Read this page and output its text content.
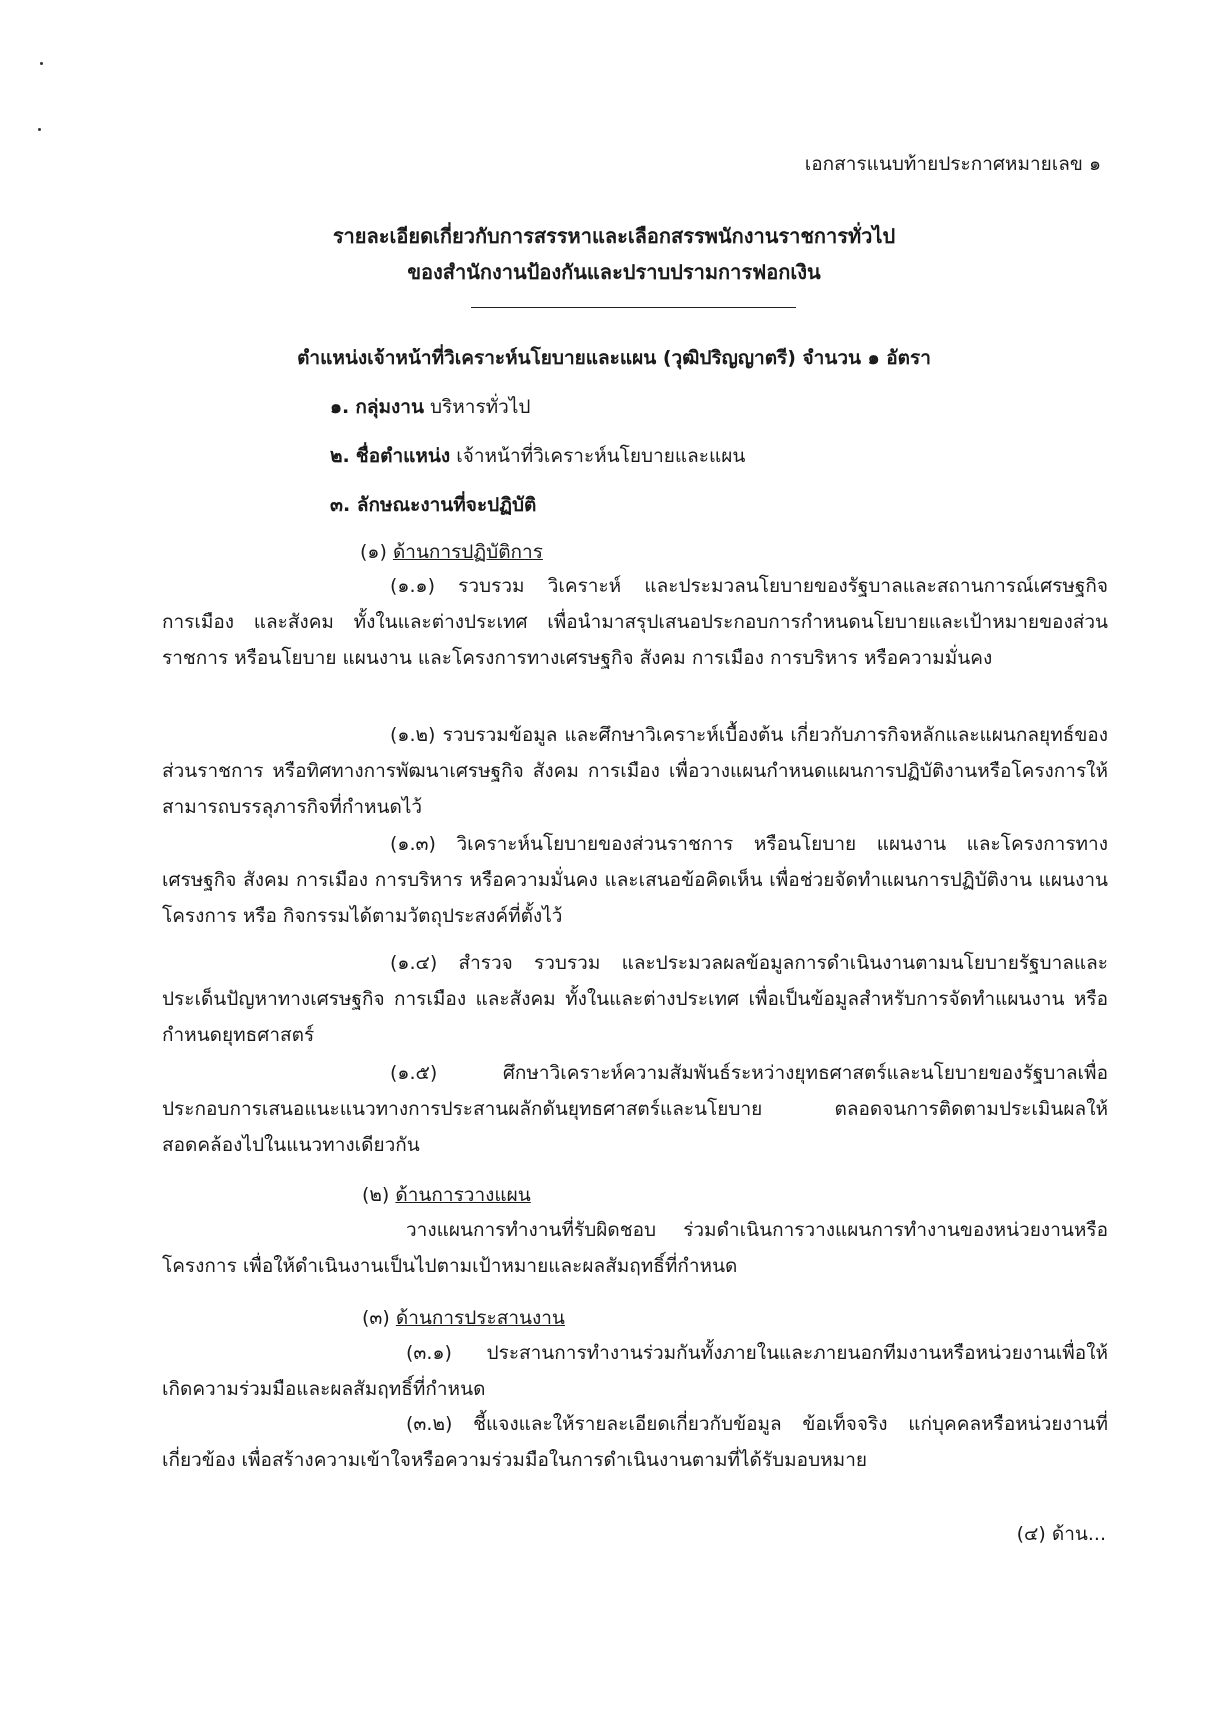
เอกสารแนบท้ายประกาศหมายเลข ๑

รายละเอียดเกี่ยวกับการสรรหาและเลือกสรรพนักงานราชการทั่วไป

ของสำนักงานป้องกันและปราบปรามการฟอกเงิน

ตำแหน่งเจ้าหน้าที่วิเคราะห์นโยบายและแผน (วุฒิปริญญาตรี) จำนวน ๑ อัตรา

๑. กลุ่มงาน บริหารทั่วไป

๒. ชื่อตำแหน่ง เจ้าหน้าที่วิเคราะห์นโยบายและแผน

๓. ลักษณะงานที่จะปฏิบัติ

(๑) ด้านการปฏิบัติการ

(๑.๑) รวบรวม วิเคราะห์ และประมวลนโยบายของรัฐบาลและสถานการณ์เศรษฐกิจ การเมือง และสังคม ทั้งในและต่างประเทศ เพื่อนำมาสรุปเสนอประกอบการกำหนดนโยบายและเป้าหมายของส่วนราชการ หรือนโยบาย แผนงาน และโครงการทางเศรษฐกิจ สังคม การเมือง การบริหาร หรือความมั่นคง

(๑.๒) รวบรวมข้อมูล และศึกษาวิเคราะห์เบื้องต้น เกี่ยวกับภารกิจหลักและแผนกลยุทธ์ของส่วนราชการ หรือทิศทางการพัฒนาเศรษฐกิจ สังคม การเมือง เพื่อวางแผนกำหนดแผนการปฏิบัติงานหรือโครงการให้สามารถบรรลุภารกิจที่กำหนดไว้

(๑.๓) วิเคราะห์นโยบายของส่วนราชการ หรือนโยบาย แผนงาน และโครงการทางเศรษฐกิจ สังคม การเมือง การบริหาร หรือความมั่นคง และเสนอข้อคิดเห็น เพื่อช่วยจัดทำแผนการปฏิบัติงาน แผนงาน โครงการ หรือ กิจกรรมได้ตามวัตถุประสงค์ที่ตั้งไว้

(๑.๔) สำรวจ รวบรวม และประมวลผลข้อมูลการดำเนินงานตามนโยบายรัฐบาลและประเด็นปัญหาทางเศรษฐกิจ การเมือง และสังคม ทั้งในและต่างประเทศ เพื่อเป็นข้อมูลสำหรับการจัดทำแผนงาน หรือกำหนดยุทธศาสตร์

(๑.๕) ศึกษาวิเคราะห์ความสัมพันธ์ระหว่างยุทธศาสตร์และนโยบายของรัฐบาลเพื่อประกอบการเสนอแนะแนวทางการประสานผลักดันยุทธศาสตร์และนโยบาย ตลอดจนการติดตามประเมินผลให้สอดคล้องไปในแนวทางเดียวกัน

(๒) ด้านการวางแผน

วางแผนการทำงานที่รับผิดชอบ ร่วมดำเนินการวางแผนการทำงานของหน่วยงานหรือโครงการ เพื่อให้ดำเนินงานเป็นไปตามเป้าหมายและผลสัมฤทธิ์ที่กำหนด

(๓) ด้านการประสานงาน

(๓.๑) ประสานการทำงานร่วมกันทั้งภายในและภายนอกทีมงานหรือหน่วยงานเพื่อให้เกิดความร่วมมือและผลสัมฤทธิ์ที่กำหนด

(๓.๒) ชี้แจงและให้รายละเอียดเกี่ยวกับข้อมูล ข้อเท็จจริง แก่บุคคลหรือหน่วยงานที่เกี่ยวข้อง เพื่อสร้างความเข้าใจหรือความร่วมมือในการดำเนินงานตามที่ได้รับมอบหมาย

(๔) ด้าน...
